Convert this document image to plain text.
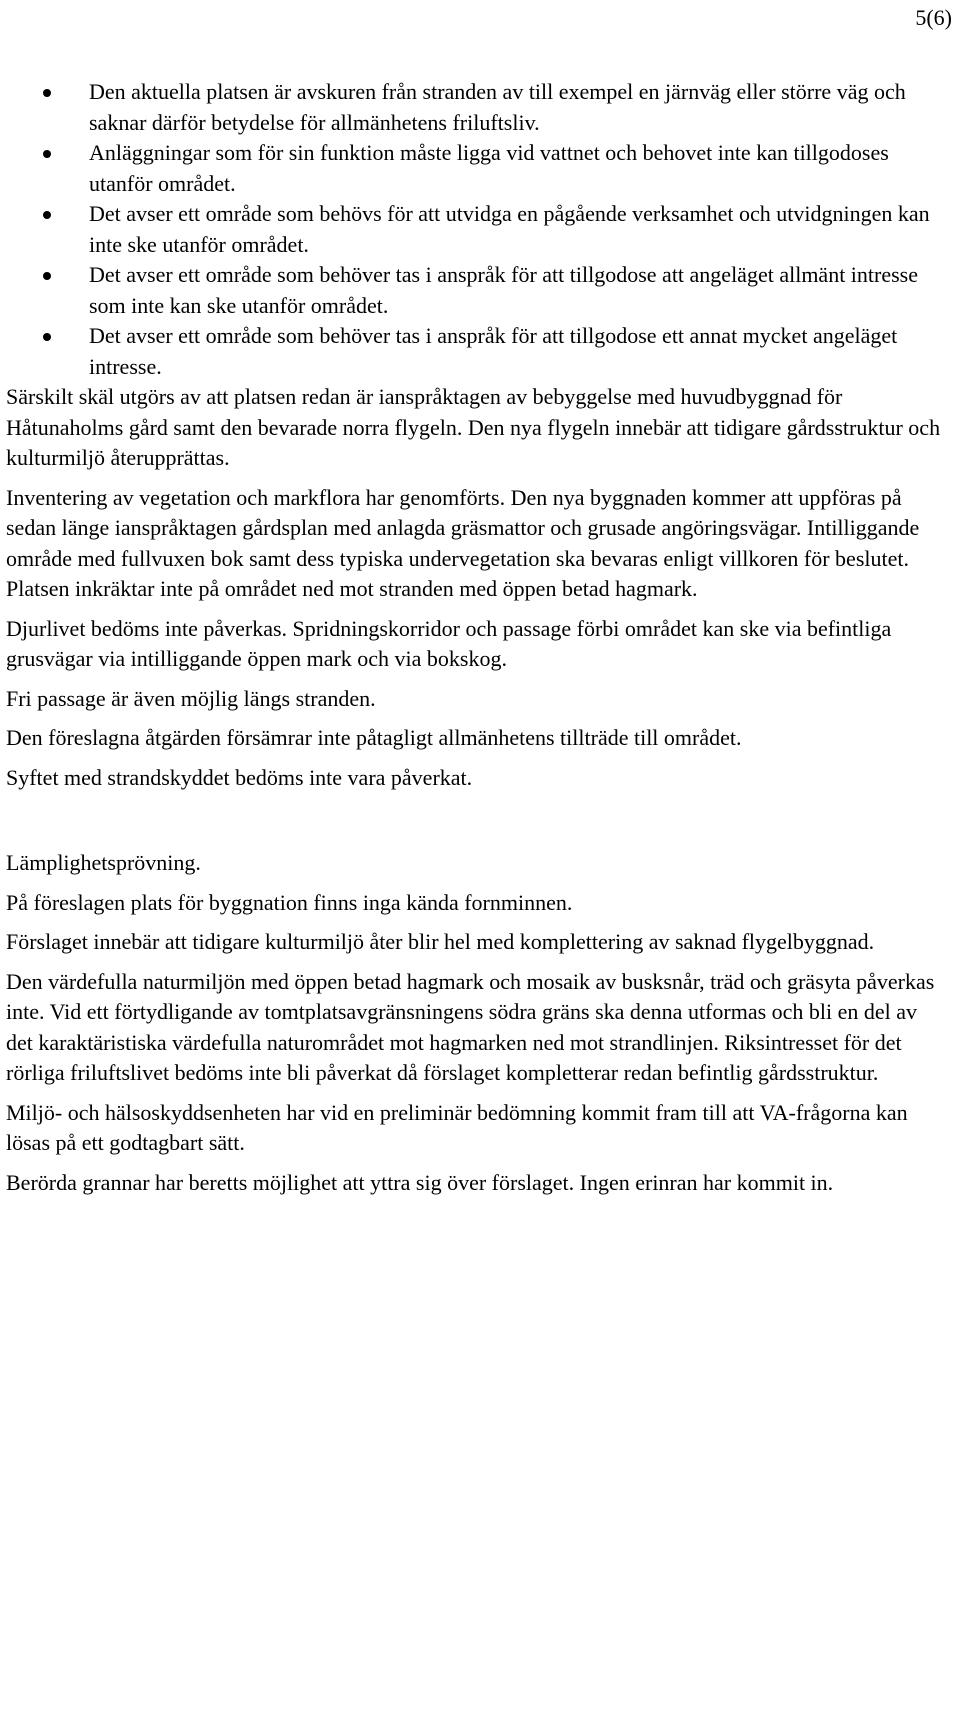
5(6)
Den aktuella platsen är avskuren från stranden av till exempel en järnväg eller större väg och saknar därför betydelse för allmänhetens friluftsliv.
Anläggningar som för sin funktion måste ligga vid vattnet och behovet inte kan tillgodoses utanför området.
Det avser ett område som behövs för att utvidga en pågående verksamhet och utvidgningen kan inte ske utanför området.
Det avser ett område som behöver tas i anspråk för att tillgodose att angeläget allmänt intresse som inte kan ske utanför området.
Det avser ett område som behöver tas i anspråk för att tillgodose ett annat mycket angeläget intresse.

Särskilt skäl utgörs av att platsen redan är ianspråktagen av bebyggelse med huvudbyggnad för Håtunaholms gård samt den bevarade norra flygeln. Den nya flygeln innebär att tidigare gårdsstruktur och kulturmiljö återupprättas.

Inventering av vegetation och markflora har genomförts. Den nya byggnaden kommer att uppföras på sedan länge ianspråktagen gårdsplan med anlagda gräsmattor och grusade angöringsvägar. Intilliggande område med fullvuxen bok samt dess typiska undervegetation ska bevaras enligt villkoren för beslutet. Platsen inkräktar inte på området ned mot stranden med öppen betad hagmark.

Djurlivet bedöms inte påverkas. Spridningskorridor och passage förbi området kan ske via befintliga grusvägar via intilliggande öppen mark och via bokskog.

Fri passage är även möjlig längs stranden.

Den föreslagna åtgärden försämrar inte påtagligt allmänhetens tillträde till området.

Syftet med strandskyddet bedöms inte vara påverkat.

Lämplighetsprövning.

På föreslagen plats för byggnation finns inga kända fornminnen.

Förslaget innebär att tidigare kulturmiljö åter blir hel med komplettering av saknad flygelbyggnad.

Den värdefulla naturmiljön med öppen betad hagmark och mosaik av busksnår, träd och gräsyta påverkas inte. Vid ett förtydligande av tomtplatsavgränsningens södra gräns ska denna utformas och bli en del av det karaktäristiska värdefulla naturområdet mot hagmarken ned mot strandlinjen. Riksintresset för det rörliga friluftslivet bedöms inte bli påverkat då förslaget kompletterar redan befintlig gårdsstruktur.

Miljö- och hälsoskyddsenheten har vid en preliminär bedömning kommit fram till att VA-frågorna kan lösas på ett godtagbart sätt.

Berörda grannar har beretts möjlighet att yttra sig över förslaget. Ingen erinran har kommit in.
